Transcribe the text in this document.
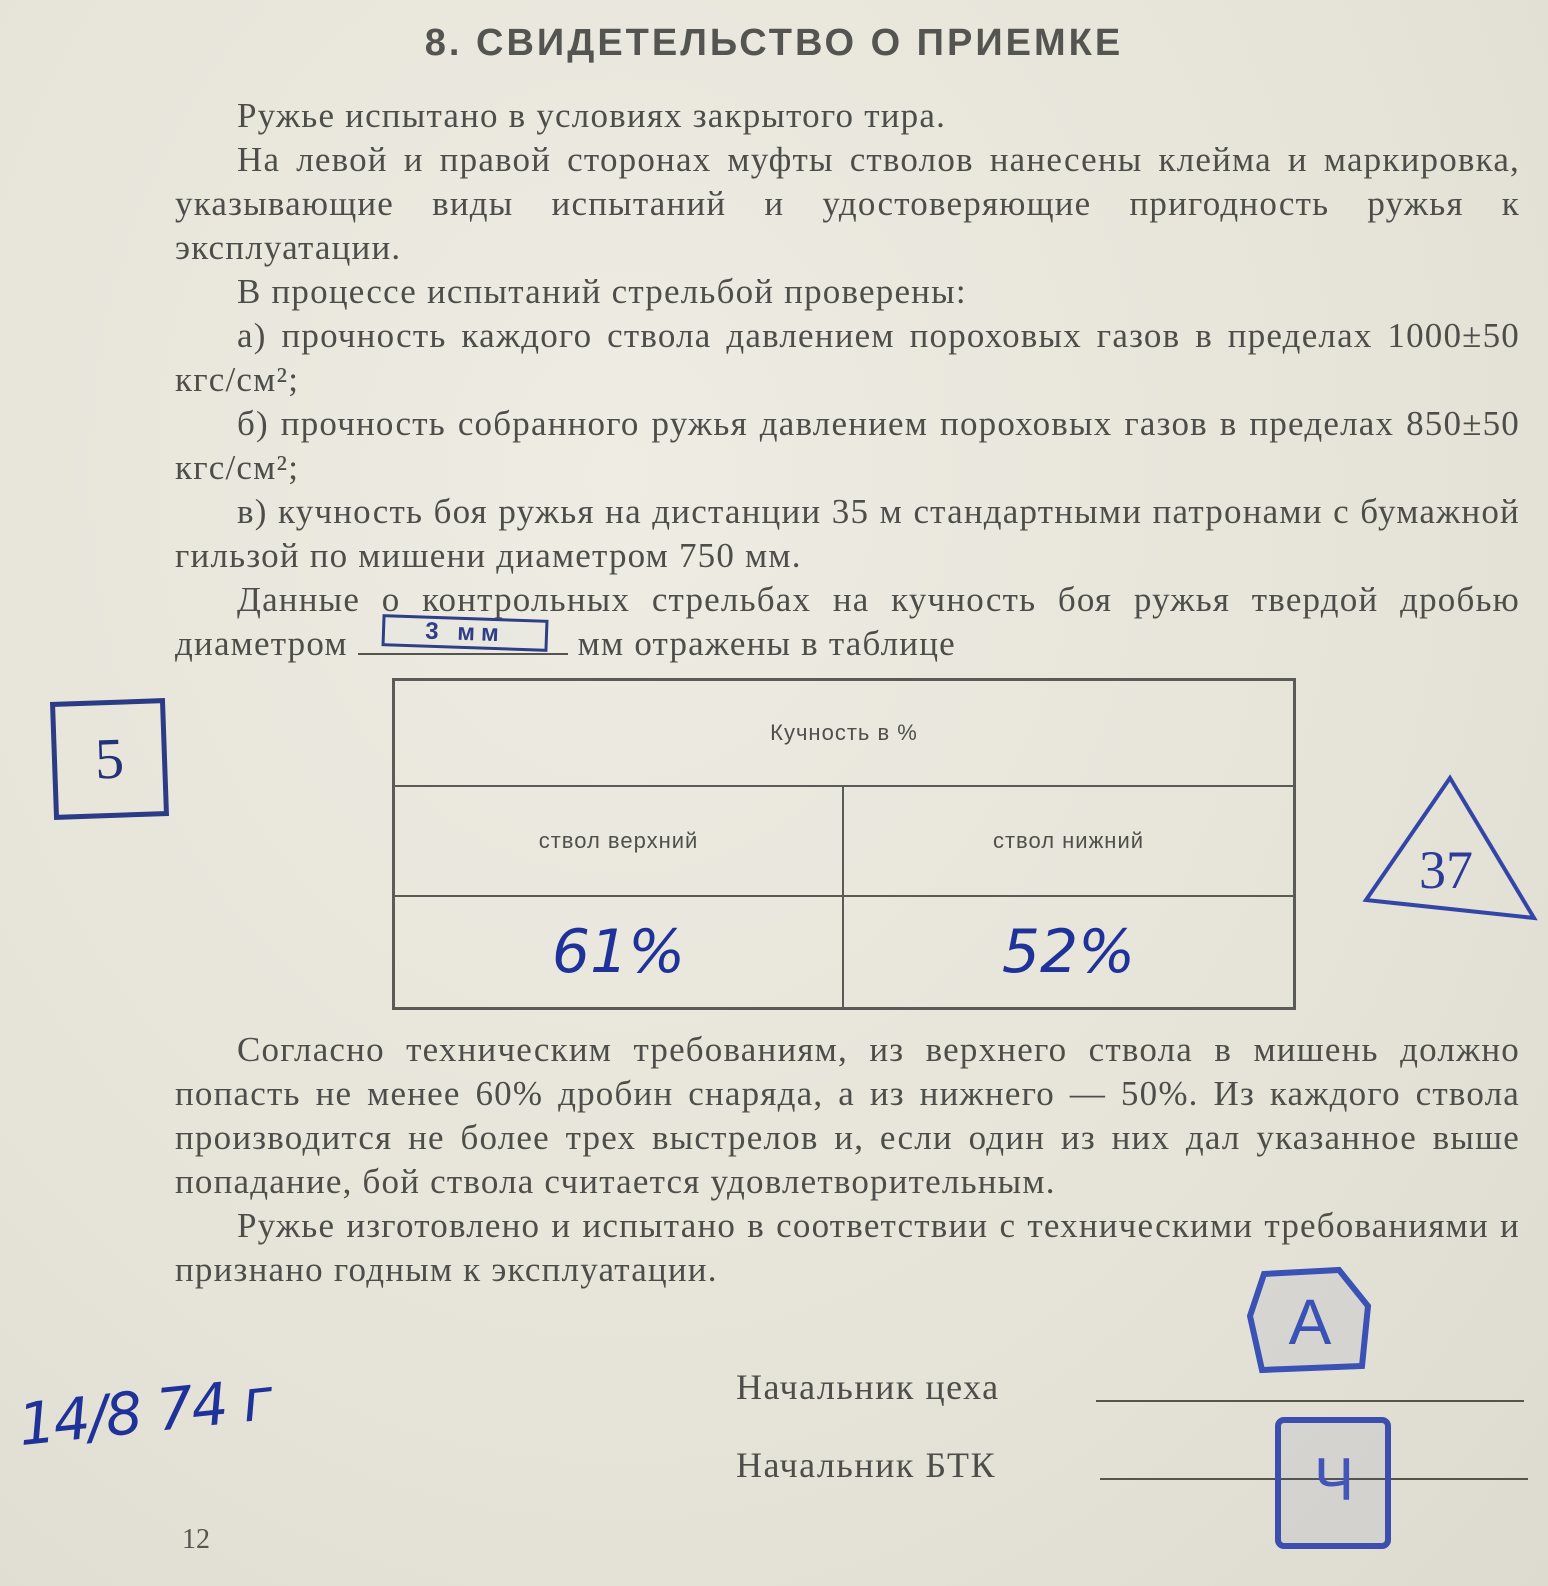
8. СВИДЕТЕЛЬСТВО О ПРИЕМКЕ

Ружье испытано в условиях закрытого тира.

На левой и правой сторонах муфты стволов нанесены клейма и маркировка, указывающие виды испытаний и удостоверяющие пригодность ружья к эксплуатации.

В процессе испытаний стрельбой проверены:

а) прочность каждого ствола давлением пороховых газов в пределах 1000±50 кгс/см²;

б) прочность собранного ружья давлением пороховых газов в пределах 850±50 кгс/см²;

в) кучность боя ружья на дистанции 35 м стандартными патронами с бумажной гильзой по мишени диаметром 750 мм.

Данные о контрольных стрельбах на кучность боя ружья твердой дробью диаметром	3 мм	мм отражены в таблице

Кучность в %
ствол верхний	ствол нижний
61%	52%

Согласно техническим требованиям, из верхнего ствола в мишень должно попасть не менее 60% дробин снаряда, а из нижнего — 50%. Из каждого ствола производится не более трех выстрелов и, если один из них дал указанное выше попадание, бой ствола считается удовлетворительным.

Ружье изготовлено и испытано в соответствии с техническими требованиями и признано годным к эксплуатации.

Начальник цеха
Начальник БТК
12
5
37
А
Ч
14/8 74 г
